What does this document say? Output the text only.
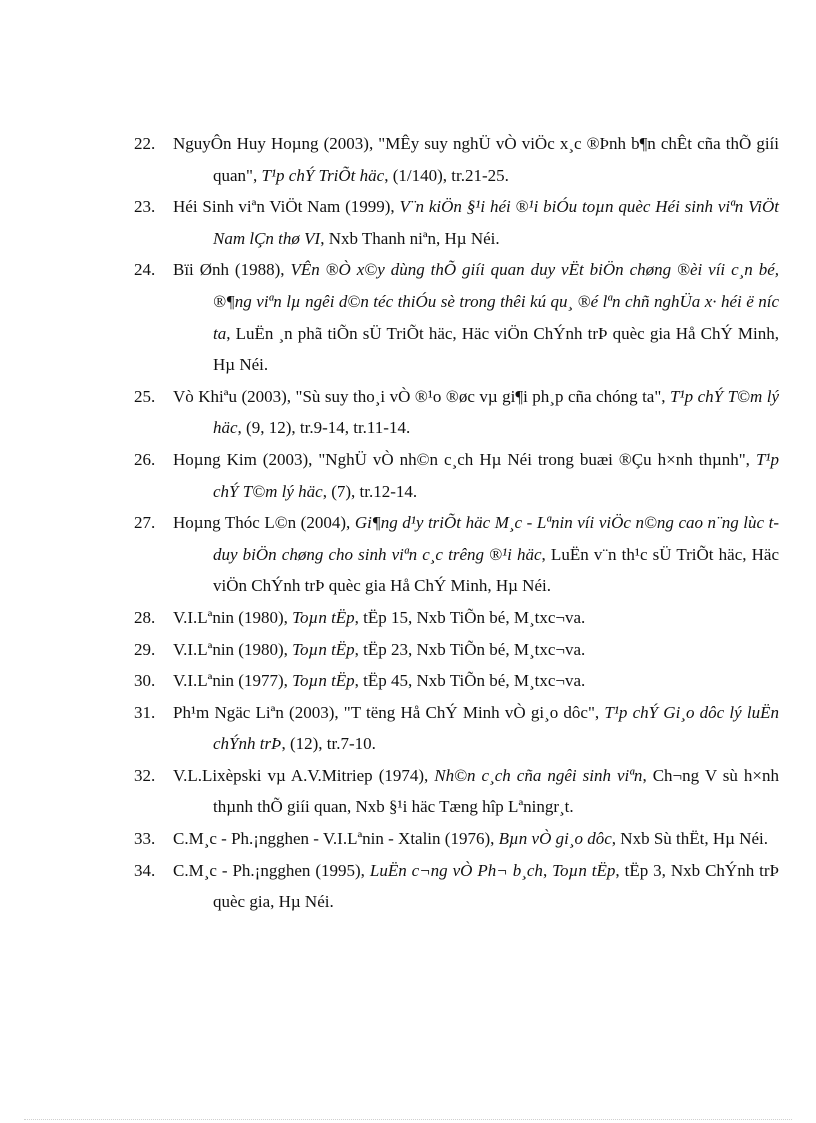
22.	NguyÔn Huy Hoµng (2003), "MÊy suy nghÜ vÒ viÖc x¸c ®Þnh b¶n chÊt cña thÕ giíi quan", T¹p chÝ TriÕt häc, (1/140), tr.21-25.
23.	Héi Sinh viªn ViÖt Nam (1999), V¨n kiÖn §¹i héi ®¹i biÓu toµn quèc Héi sinh viªn ViÖt Nam lÇn thø VI, Nxb Thanh niªn, Hµ Néi.
24.	Bïi Ønh (1988), VÊn ®Ò x©y dùng thÕ giíi quan duy vËt biÖn chøng ®èi víi c¸n bé, ®¶ng viªn lµ ngêi d©n téc thiÓu sè trong thêi kú qu¸ ®é lªn chñ nghÜa x· héi ë níc ta, LuËn ¸n phã tiÕn sÜ TriÕt häc, Häc viÖn ChÝnh trÞ quèc gia Hå ChÝ Minh, Hµ Néi.
25.	Vò Khiªu (2003), "Sù suy tho¸i vÒ ®¹o ®øc vµ gi¶i ph¸p cña chóng ta", T¹p chÝ T©m lý häc, (9, 12), tr.9-14, tr.11-14.
26.	Hoµng Kim (2003), "NghÜ vÒ nh©n c¸ch Hµ Néi trong buæi ®Çu h×nh thµnh", T¹p chÝ T©m lý häc, (7), tr.12-14.
27.	Hoµng Thóc L©n (2004), Gi¶ng d¹y triÕt häc M¸c - Lªnin víi viÖc n©ng cao n¨ng lùc t duy biÖn chøng cho sinh viªn c¸c trêng ®¹i häc, LuËn v¨n th¹c sÜ TriÕt häc, Häc viÖn ChÝnh trÞ quèc gia Hå ChÝ Minh, Hµ Néi.
28.	V.I.Lªnin (1980), Toµn tËp, tËp 15, Nxb TiÕn bé, M¸txc¬va.
29.	V.I.Lªnin (1980), Toµn tËp, tËp 23, Nxb TiÕn bé, M¸txc¬va.
30.	V.I.Lªnin (1977), Toµn tËp, tËp 45, Nxb TiÕn bé, M¸txc¬va.
31.	Ph¹m Ngäc Liªn (2003), "T tëng Hå ChÝ Minh vÒ gi¸o dôc", T¹p chÝ Gi¸o dôc lý luËn chÝnh trÞ, (12), tr.7-10.
32.	V.L.Lixèpski vµ A.V.Mitriep (1974), Nh©n c¸ch cña ngêi sinh viªn, Ch¬ng V sù h×nh thµnh thÕ giíi quan, Nxb §¹i häc Tæng hîp Lªningr¸t.
33.	C.M¸c - Ph.¡ngghen - V.I.Lªnin - Xtalin (1976), Bµn vÒ gi¸o dôc, Nxb Sù thËt, Hµ Néi.
34.	C.M¸c - Ph.¡ngghen (1995), LuËn c¬ng vÒ Ph¬ b¸ch, Toµn tËp, tËp 3, Nxb ChÝnh trÞ quèc gia, Hµ Néi.
